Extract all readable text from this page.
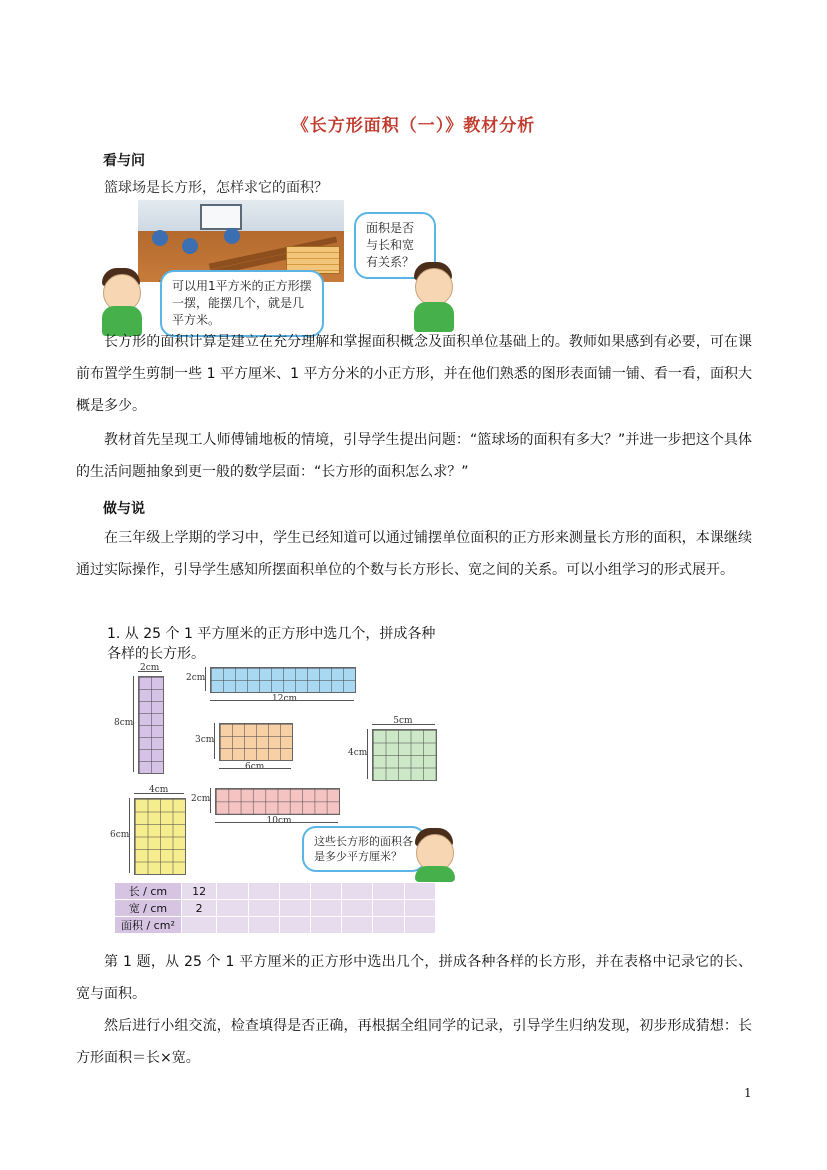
《长方形面积（一）》教材分析
看与问
篮球场是长方形，怎样求它的面积？
可以用1平方米的正方形摆一摆，能摆几个，就是几平方米。
面积是否与长和宽有关系？
长方形的面积计算是建立在充分理解和掌握面积概念及面积单位基础上的。教师如果感到有必要，可在课前布置学生剪制一些 1 平方厘米、1 平方分米的小正方形，并在他们熟悉的图形表面铺一铺、看一看，面积大概是多少。
教材首先呈现工人师傅铺地板的情境，引导学生提出问题：“篮球场的面积有多大？”并进一步把这个具体的生活问题抽象到更一般的数学层面：“长方形的面积怎么求？”
做与说
在三年级上学期的学习中，学生已经知道可以通过铺摆单位面积的正方形来测量长方形的面积，本课继续通过实际操作，引导学生感知所摆面积单位的个数与长方形长、宽之间的关系。可以小组学习的形式展开。
1. 从 25 个 1 平方厘米的正方形中选几个，拼成各种各样的长方形。
2cm
8cm
12cm
2cm
6cm
3cm
5cm
4cm
4cm
6cm
10cm
2cm
这些长方形的面积各是多少平方厘米？
长 / cm	12							
宽 / cm	2							
面积 / cm²								
第 1 题，从 25 个 1 平方厘米的正方形中选出几个，拼成各种各样的长方形，并在表格中记录它的长、宽与面积。
然后进行小组交流，检查填得是否正确，再根据全组同学的记录，引导学生归纳发现，初步形成猜想：长方形面积＝长×宽。
1
